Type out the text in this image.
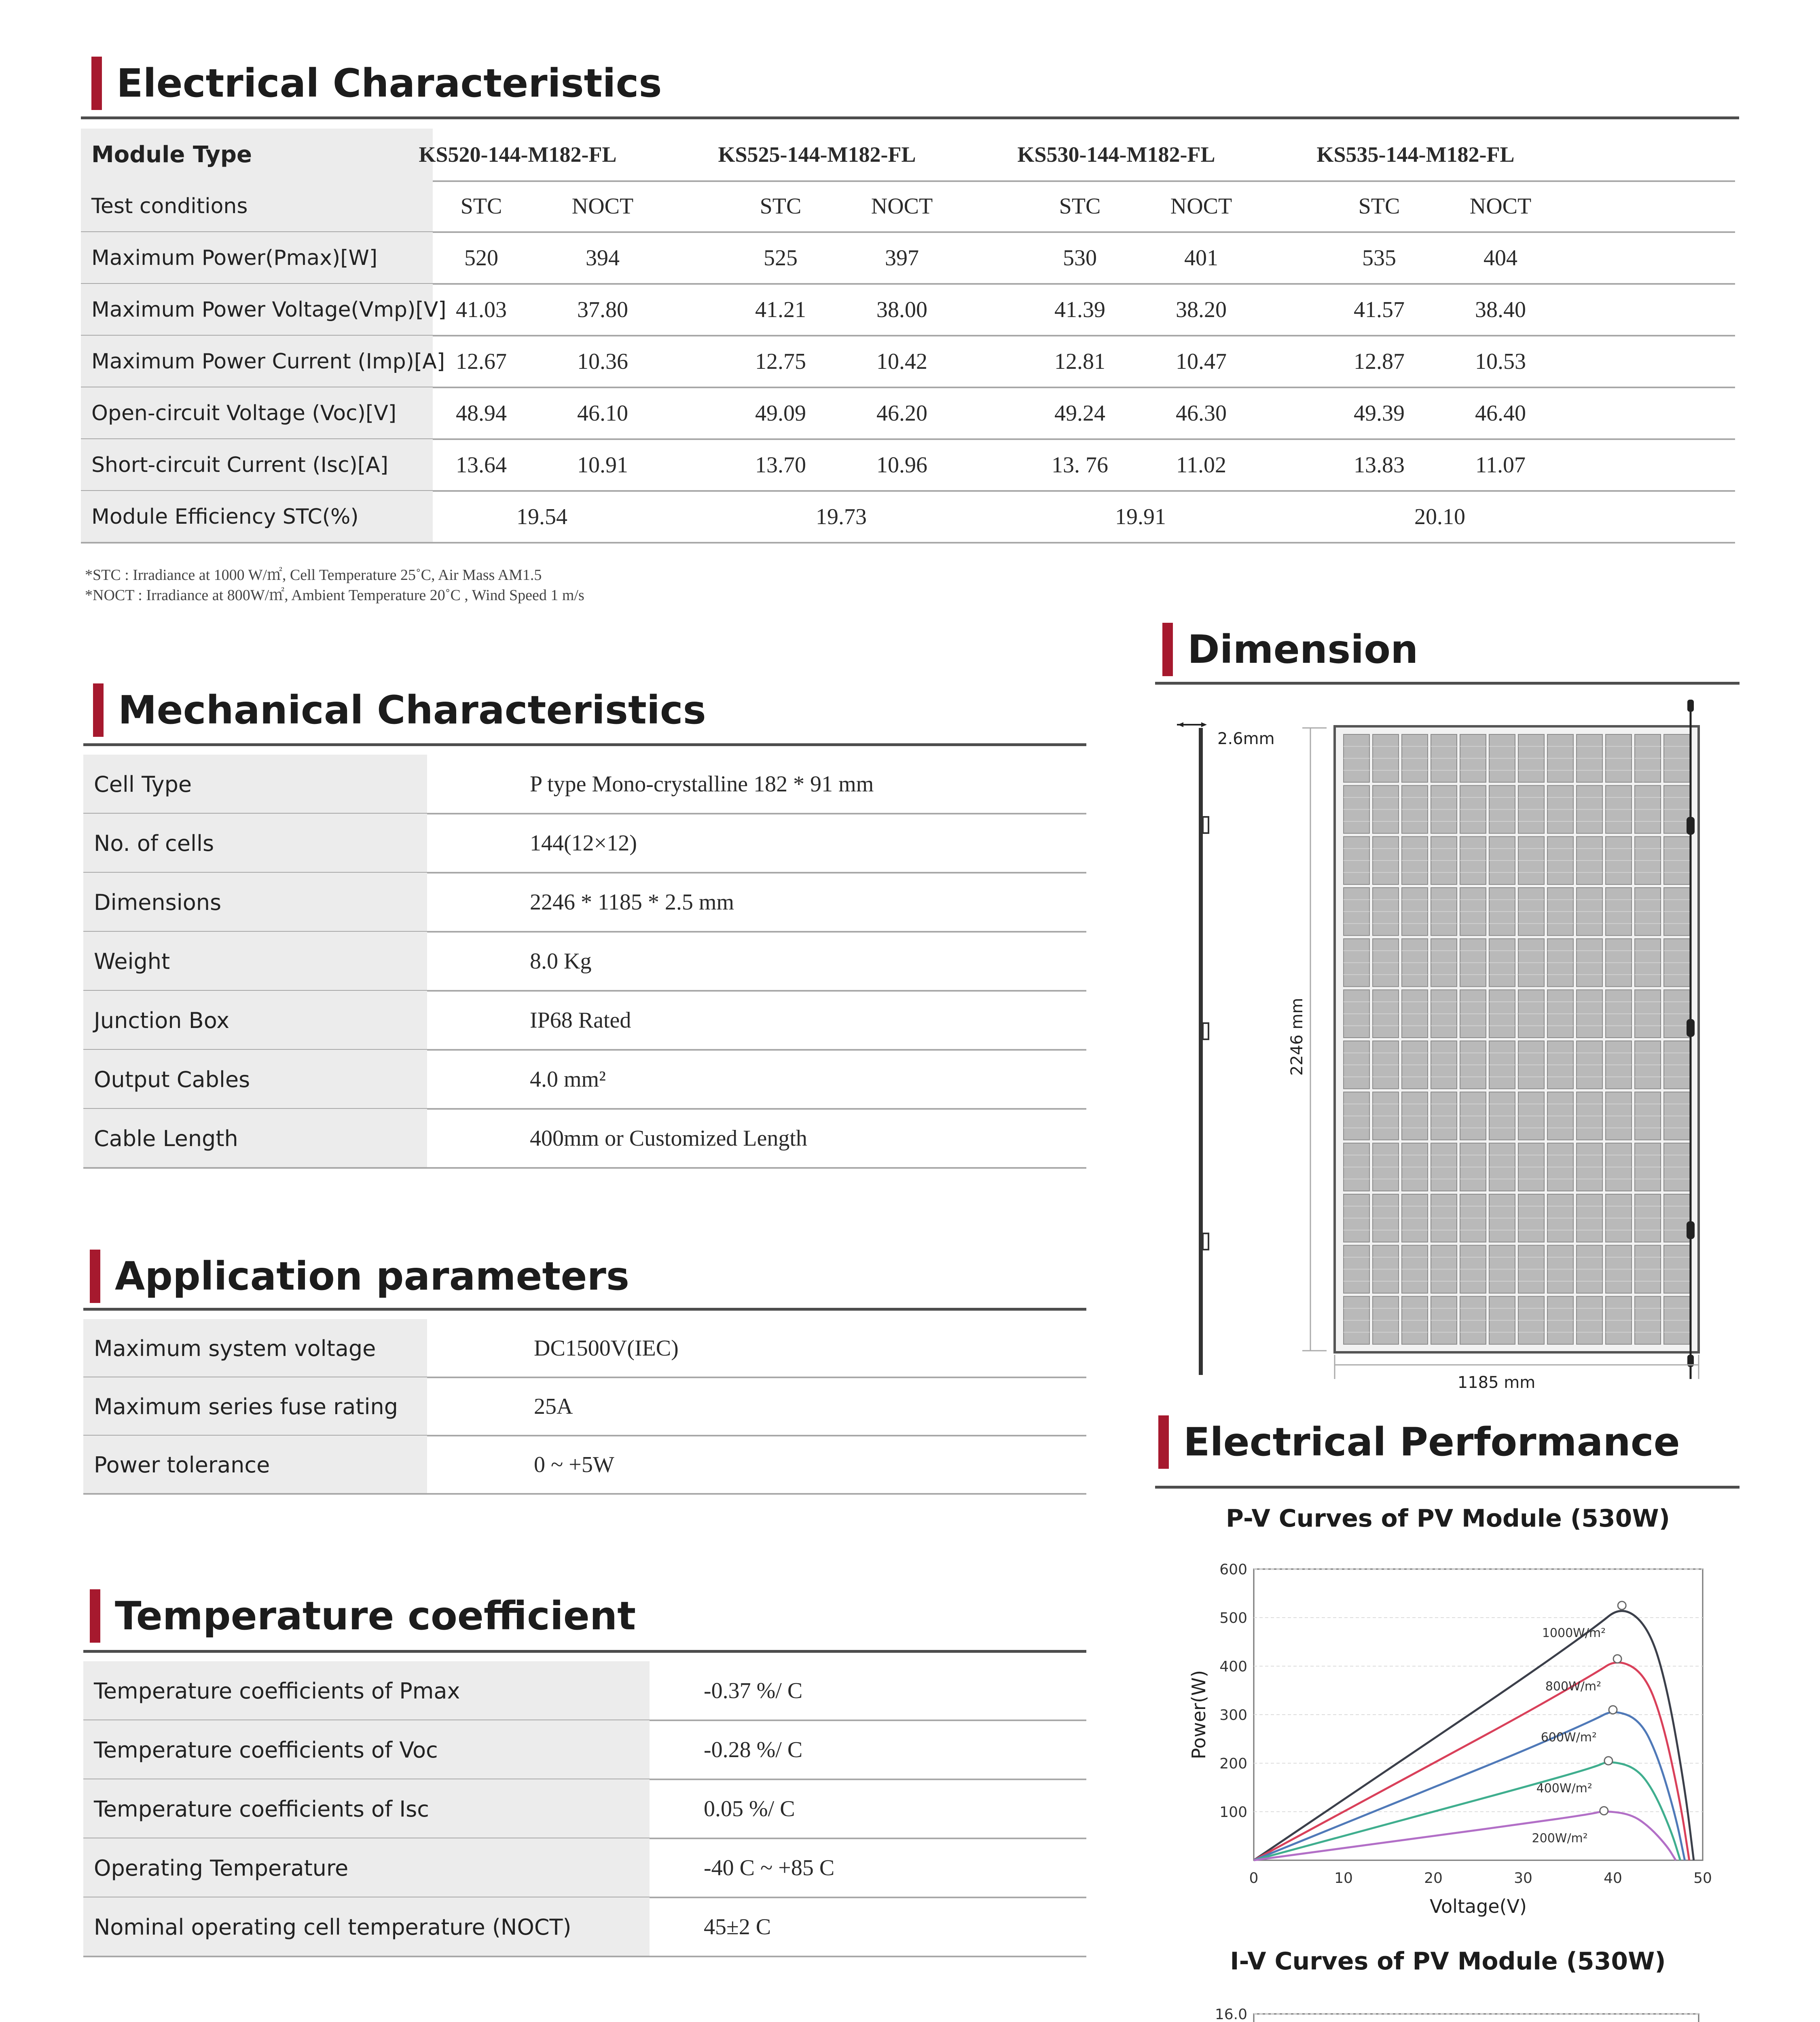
Electrical Characteristics
*STC : Irradiance at 1000 W/㎡, Cell Temperature 25˚C, Air Mass AM1.5
*NOCT : Irradiance at 800W/㎡, Ambient Temperature 20˚C , Wind Speed 1 m/s
Mechanical Characteristics
Application parameters
Temperature coefficient
Dimension
2.6mm
2246 mm
1185 mm
Electrical Performance
P-V Curves of PV Module (530W)
100
200
300
400
500
600
0	10	20	30	40	50
Voltage(V)
Power(W)
1000W/m²
800W/m²
600W/m²
400W/m²
200W/m²
I-V Curves of PV Module (530W)
16.0
Module Type	KS520-144-M182-FL	KS525-144-M182-FL	KS530-144-M182-FL	KS535-144-M182-FL
Test conditions	STC	NOCT	STC	NOCT	STC	NOCT	STC	NOCT
Maximum Power(Pmax)[W]	520	394	525	397	530	401	535	404
Maximum Power Voltage(Vmp)[V] 41.03	37.80	41.21	38.00	41.39	38.20	41.57	38.40
Maximum Power Current (Imp)[A] 12.67	10.36	12.75	10.42	12.81	10.47	12.87	10.53
Open-circuit Voltage (Voc)[V]	48.94	46.10	49.09	46.20	49.24	46.30	49.39	46.40
Short-circuit Current (Isc)[A]	13.64	10.91	13.70	10.96	13. 76	11.02	13.83	11.07
Module Efficiency STC(%)	19.54	19.73	19.91	20.10
Cell Type	P type Mono-crystalline 182 * 91 mm
No. of cells	144(12×12)
Dimensions	2246 * 1185 * 2.5 mm
Weight	8.0 Kg
Junction Box	IP68 Rated
Output Cables	4.0 mm²
Cable Length	400mm or Customized Length
Maximum system voltage	DC1500V(IEC)
Maximum series fuse rating	25A
Power tolerance	0 ~ +5W
Temperature coefficients of Pmax	-0.37 %/ C
Temperature coefficients of Voc	-0.28 %/ C
Temperature coefficients of Isc	0.05 %/ C
Operating Temperature	-40 C ~ +85 C
Nominal operating cell temperature (NOCT)	45±2 C
